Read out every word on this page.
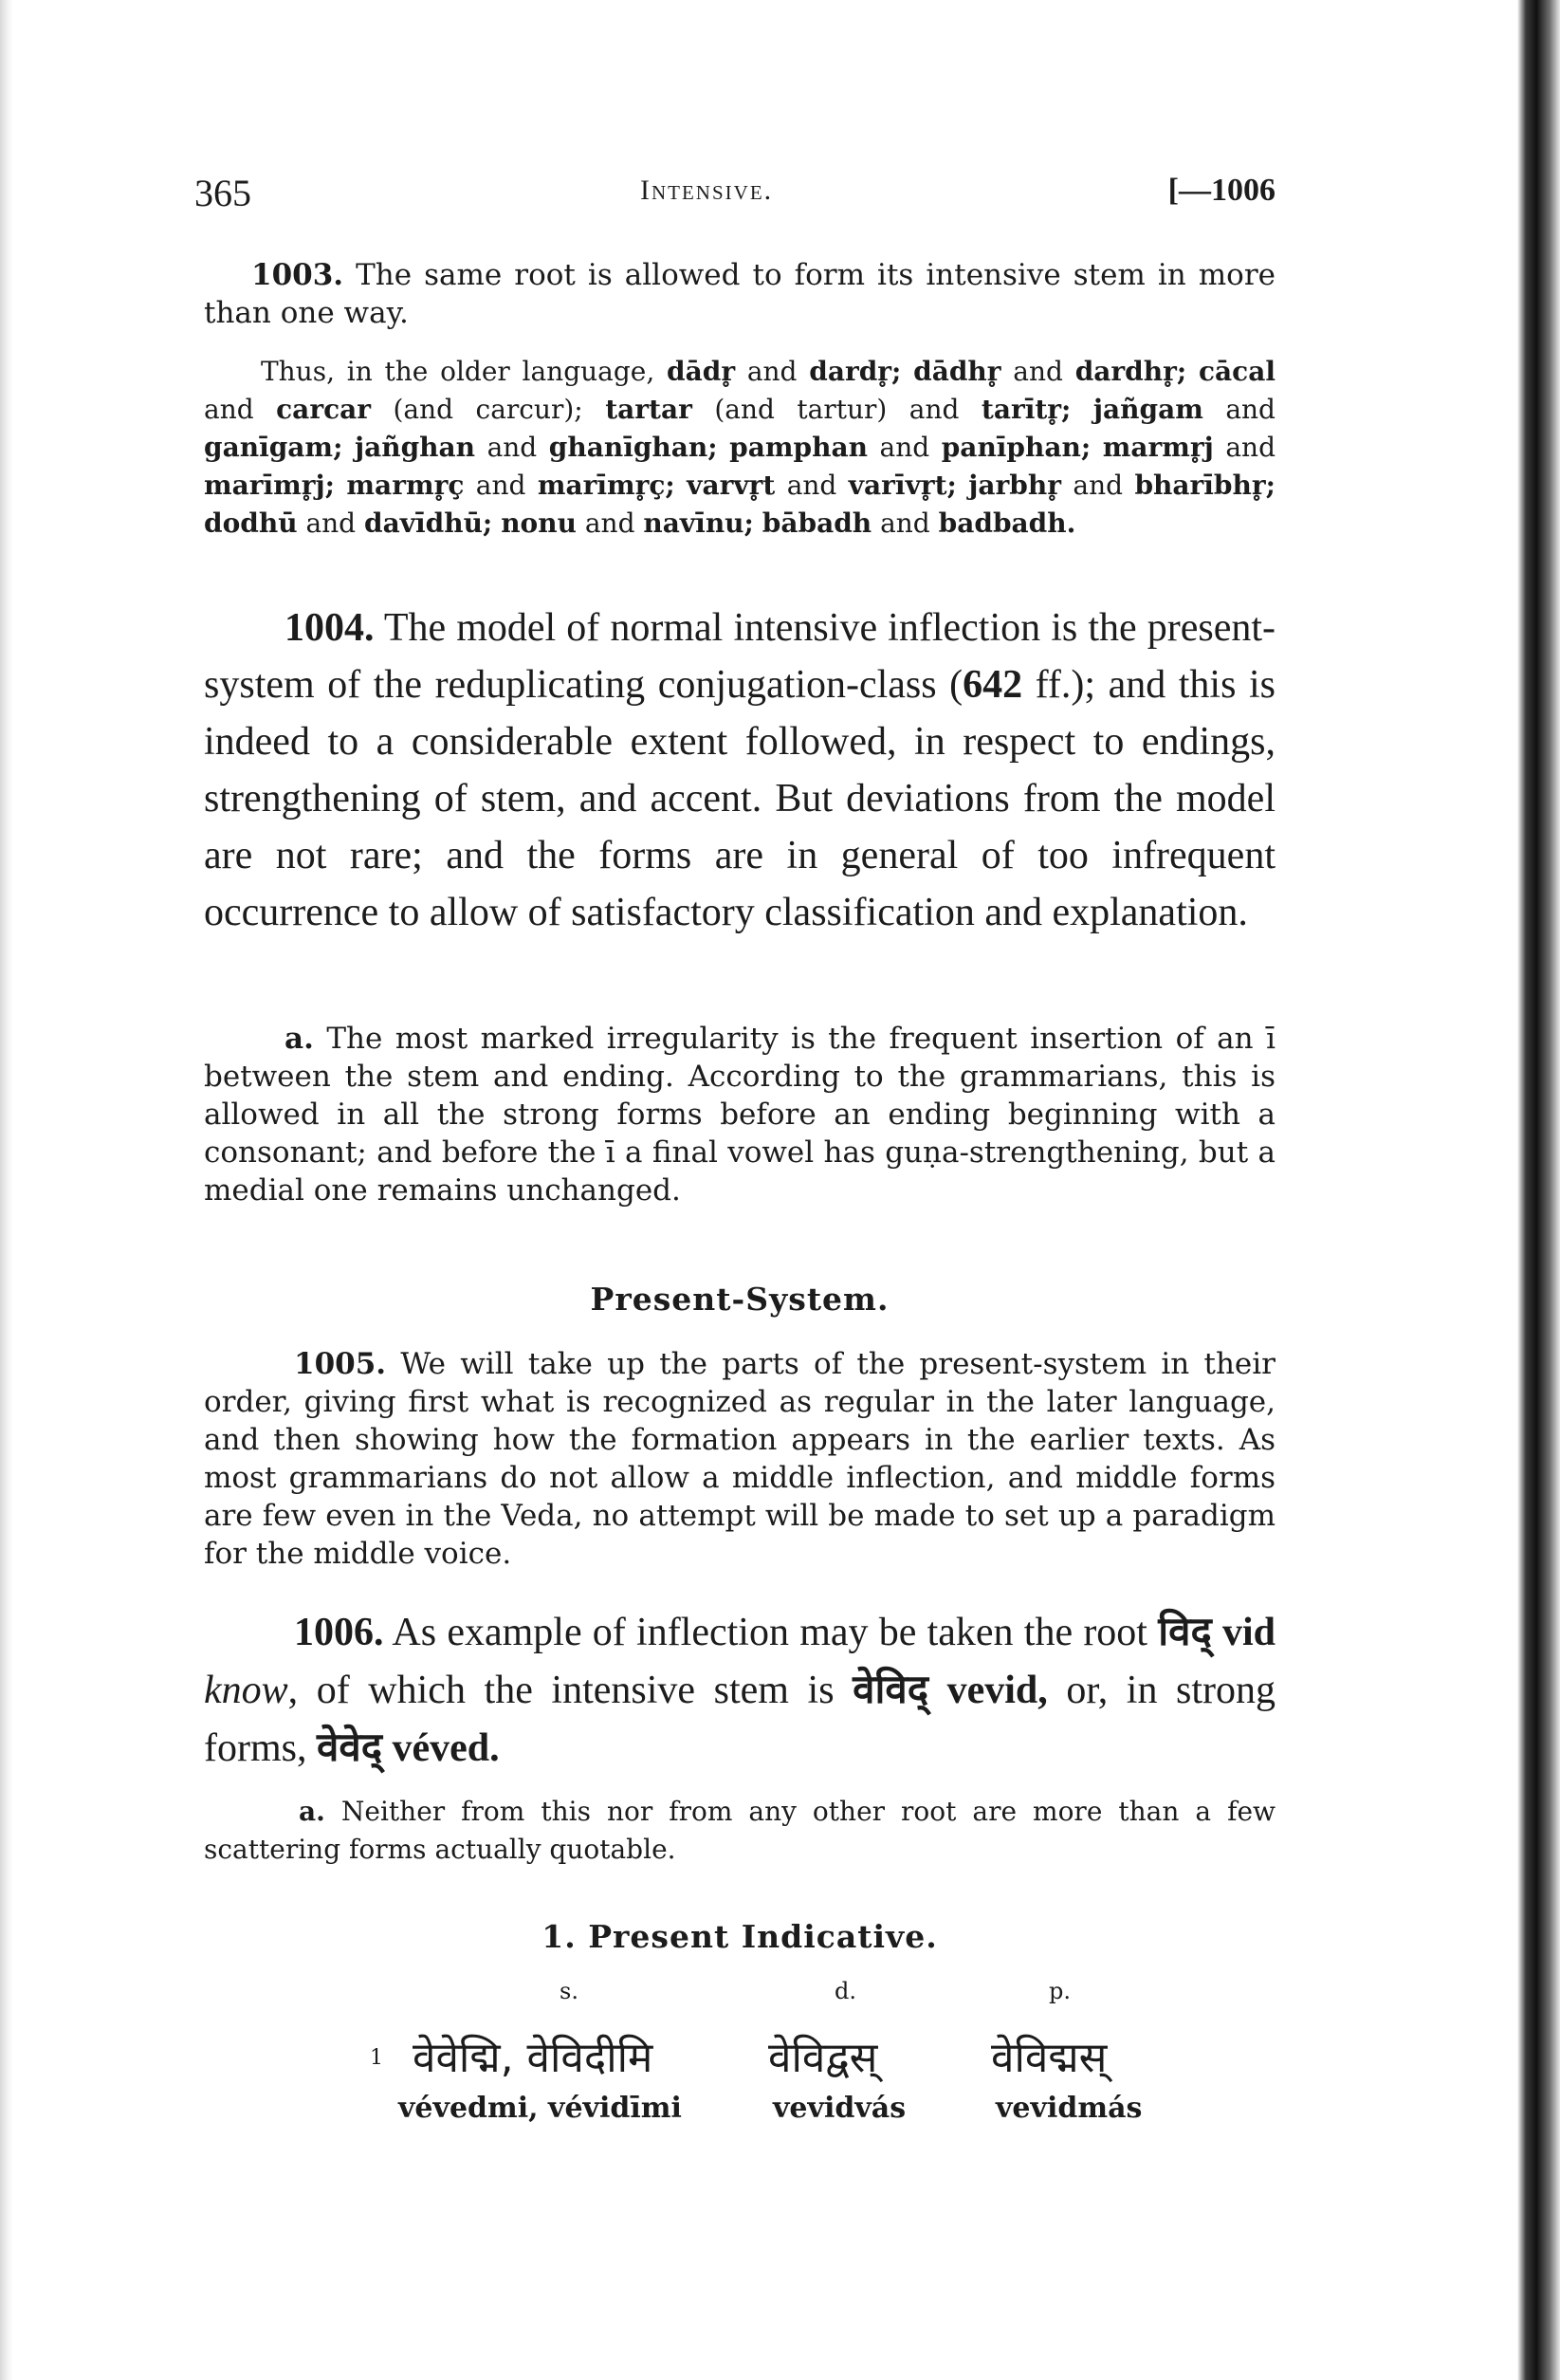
365	Intensive.	[—1006
1003. The same root is allowed to form its intensive stem in more than one way.

Thus, in the older language, dādr̥ and dardr̥; dādhr̥ and dardhr̥; cācal and carcar (and carcur); tartar (and tartur) and tarītr̥; jañgam and ganīgam; jañghan and ghanīghan; pamphan and panīphan; marmr̥j and marīmr̥j; marmr̥ç and marīmr̥ç; varvr̥t and varīvr̥t; jarbhr̥ and bharībhr̥; dodhū and davīdhū; nonu and navīnu; bābadh and badbadh.

1004. The model of normal intensive inflection is the present-system of the reduplicating conjugation-class (642 ff.); and this is indeed to a considerable extent followed, in respect to endings, strengthening of stem, and accent. But deviations from the model are not rare; and the forms are in general of too infrequent occurrence to allow of satisfactory classification and explanation.

a. The most marked irregularity is the frequent insertion of an ī between the stem and ending. According to the grammarians, this is allowed in all the strong forms before an ending beginning with a consonant; and before the ī a final vowel has guṇa-strengthening, but a medial one remains unchanged.

Present-System.

1005. We will take up the parts of the present-system in their order, giving first what is recognized as regular in the later language, and then showing how the formation appears in the earlier texts. As most grammarians do not allow a middle inflection, and middle forms are few even in the Veda, no attempt will be made to set up a paradigm for the middle voice.

1006. As example of inflection may be taken the root विद् vid know, of which the intensive stem is वेविद् vevid, or, in strong forms, वेवेद् véved.

a. Neither from this nor from any other root are more than a few scattering forms actually quotable.

1. Present Indicative.

s.	d.	p.
1 वेवेद्मि, वेविदीमि	वेविद्वस्	वेविद्मस्
vévedmi, vévidīmi	vevidvás	vevidmás
